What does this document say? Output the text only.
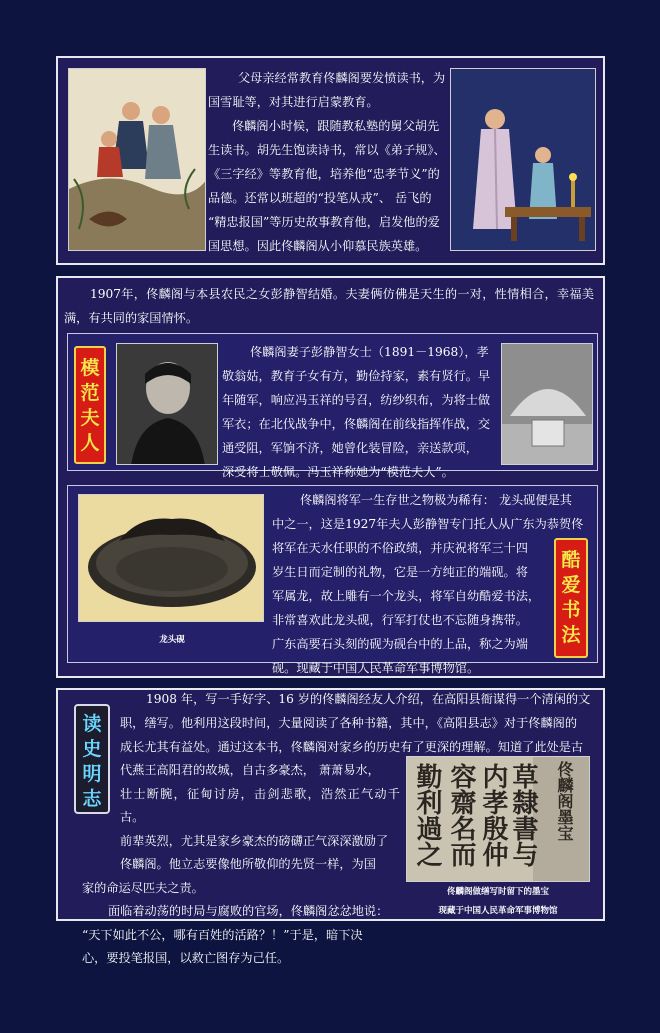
父母亲经常教育佟麟阁要发愤读书，为
国雪耻等，对其进行启蒙教育。
佟麟阁小时候，跟随教私塾的舅父胡先
生读书。胡先生饱读诗书，常以《弟子规》、
《三字经》等教育他，培养他“忠孝节义”的
品德。还常以班超的“投笔从戎”、 岳飞的
“精忠报国”等历史故事教育他，启发他的爱
国思想。因此佟麟阁从小仰慕民族英雄。
1907年，佟麟阁与本县农民之女彭静智结婚。夫妻俩仿佛是天生的一对，性情相合，幸福美满，有共同的家国情怀。
模
范
夫
人
佟麟阁妻子彭静智女士（1891－1968），孝
敬翁姑，教育子女有方，勤俭持家，素有贤行。早
年随军，响应冯玉祥的号召，纺纱织布，为将士做
军衣；在北伐战争中，佟麟阁在前线指挥作战，交
通受阻，军饷不济，她曾化装冒险，亲送款项，
深受将士敬佩。冯玉祥称她为“模范夫人”。
龙头砚
佟麟阁将军一生存世之物极为稀有： 龙头砚便是其
中之一，这是1927年夫人彭静智专门托人从广东为恭贺佟
将军在天水任职的不俗政绩，并庆祝将军三十四
岁生日而定制的礼物，它是一方纯正的端砚。将
军属龙，故上雕有一个龙头，将军自幼酷爱书法，
非常喜欢此龙头砚，行军打仗也不忘随身携带。
广东高要石头刻的砚为砚台中的上品，称之为端
砚。现藏于中国人民革命军事博物馆。
酷
爱
书
法
读
史
明
志
1908 年，写一手好字、16 岁的佟麟阁经友人介绍，在高阳县衙谋得一个清闲的文
职，缮写。他利用这段时间，大量阅读了各种书籍，其中，《高阳县志》对于佟麟阁的
成长尤其有益处。通过这本书，佟麟阁对家乡的历史有了更深的理解。知道了此处是古
代燕王高阳君的故城，自古多豪杰， 萧萧易水，
壮士断腕，征甸讨房，击剑悲歌，浩然正气动千古。
前辈英烈，尤其是家乡豪杰的磅礴正气深深激励了
佟麟阁。他立志要像他所敬仰的先贤一样，为国
家的命运尽匹夫之责。
面临着动荡的时局与腐败的官场，佟麟阁忿忿地说：
“天下如此不公，哪有百姓的活路？！”于是，暗下决
心，要投笔报国，以救亡图存为己任。
佟麟阁墨宝
草隸書与
内孝殷仲
容齋名而
勤利過之
佟麟阁做缮写时留下的墨宝
现藏于中国人民革命军事博物馆
